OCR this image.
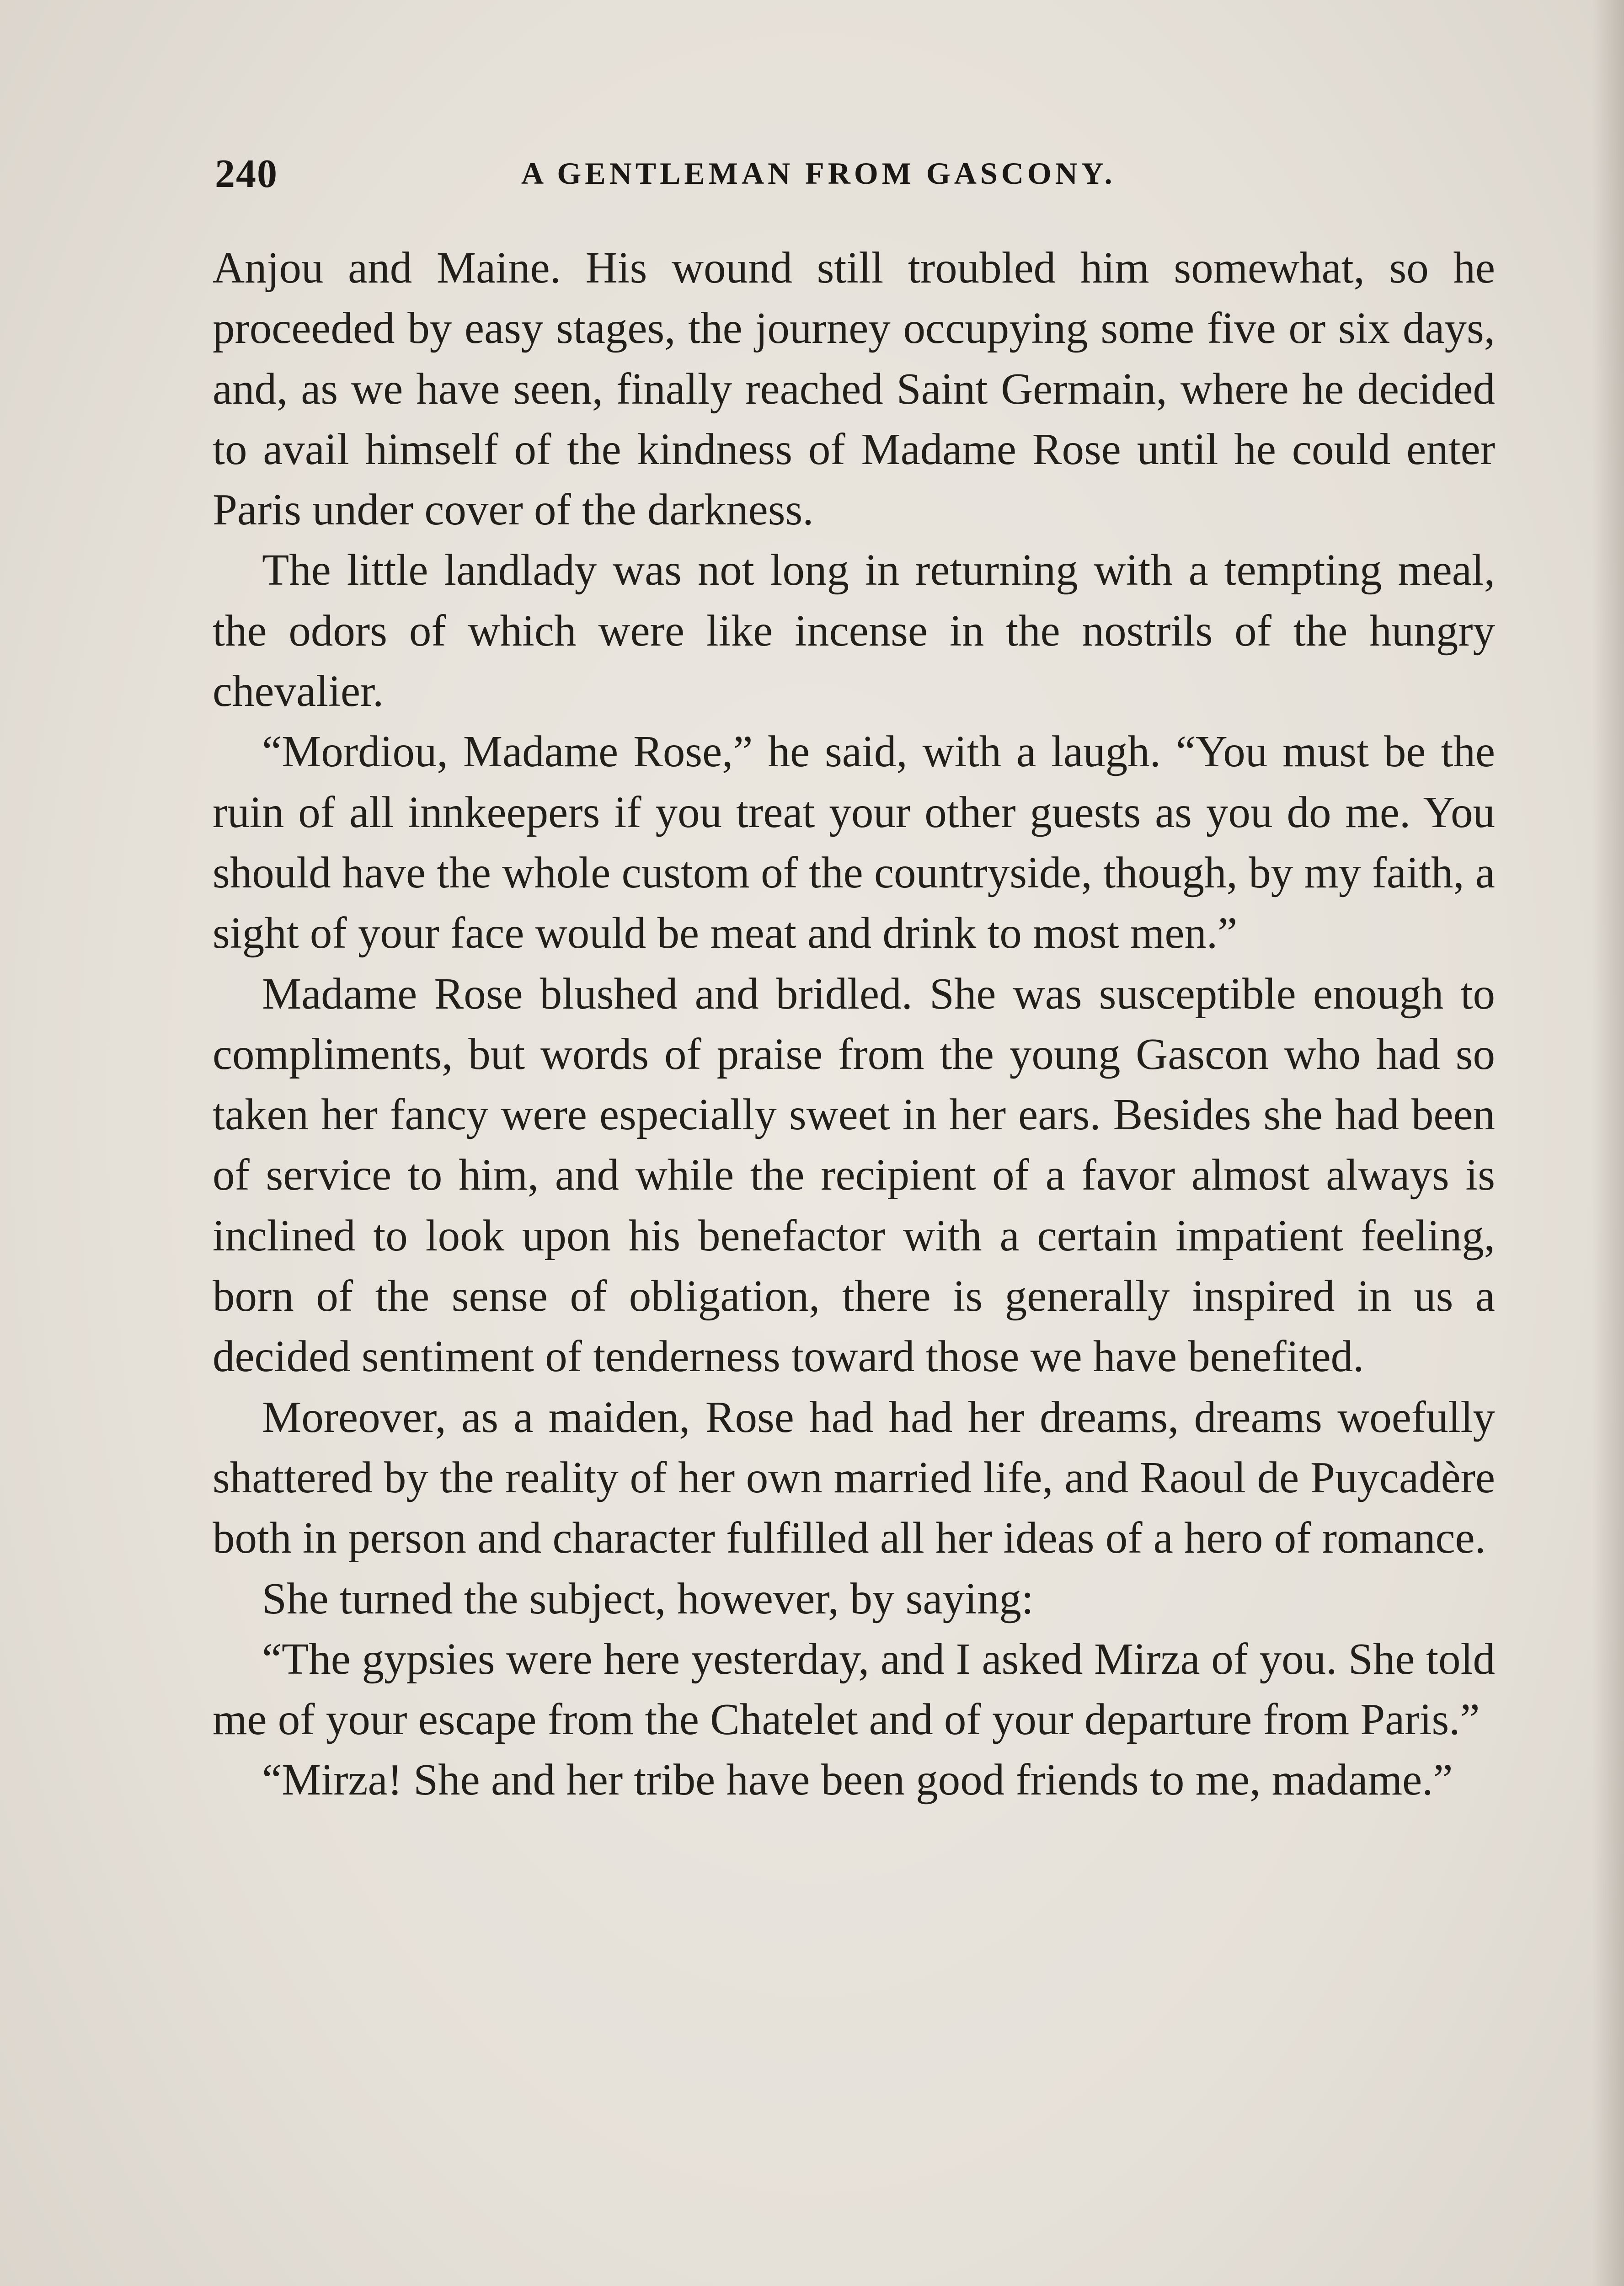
240	A GENTLEMAN FROM GASCONY.

Anjou and Maine. His wound still troubled him somewhat, so he proceeded by easy stages, the journey occupying some five or six days, and, as we have seen, finally reached Saint Germain, where he decided to avail himself of the kindness of Madame Rose until he could enter Paris under cover of the darkness.

The little landlady was not long in returning with a tempting meal, the odors of which were like incense in the nostrils of the hungry chevalier.

“Mordiou, Madame Rose,” he said, with a laugh. “You must be the ruin of all innkeepers if you treat your other guests as you do me. You should have the whole custom of the countryside, though, by my faith, a sight of your face would be meat and drink to most men.”

Madame Rose blushed and bridled. She was susceptible enough to compliments, but words of praise from the young Gascon who had so taken her fancy were especially sweet in her ears. Besides she had been of service to him, and while the recipient of a favor almost always is inclined to look upon his benefactor with a certain impatient feeling, born of the sense of obligation, there is generally inspired in us a decided sentiment of tenderness toward those we have benefited.

Moreover, as a maiden, Rose had had her dreams, dreams woefully shattered by the reality of her own married life, and Raoul de Puycadère both in person and character fulfilled all her ideas of a hero of romance.

She turned the subject, however, by saying:

“The gypsies were here yesterday, and I asked Mirza of you. She told me of your escape from the Chatelet and of your departure from Paris.”

“Mirza! She and her tribe have been good friends to me, madame.”
